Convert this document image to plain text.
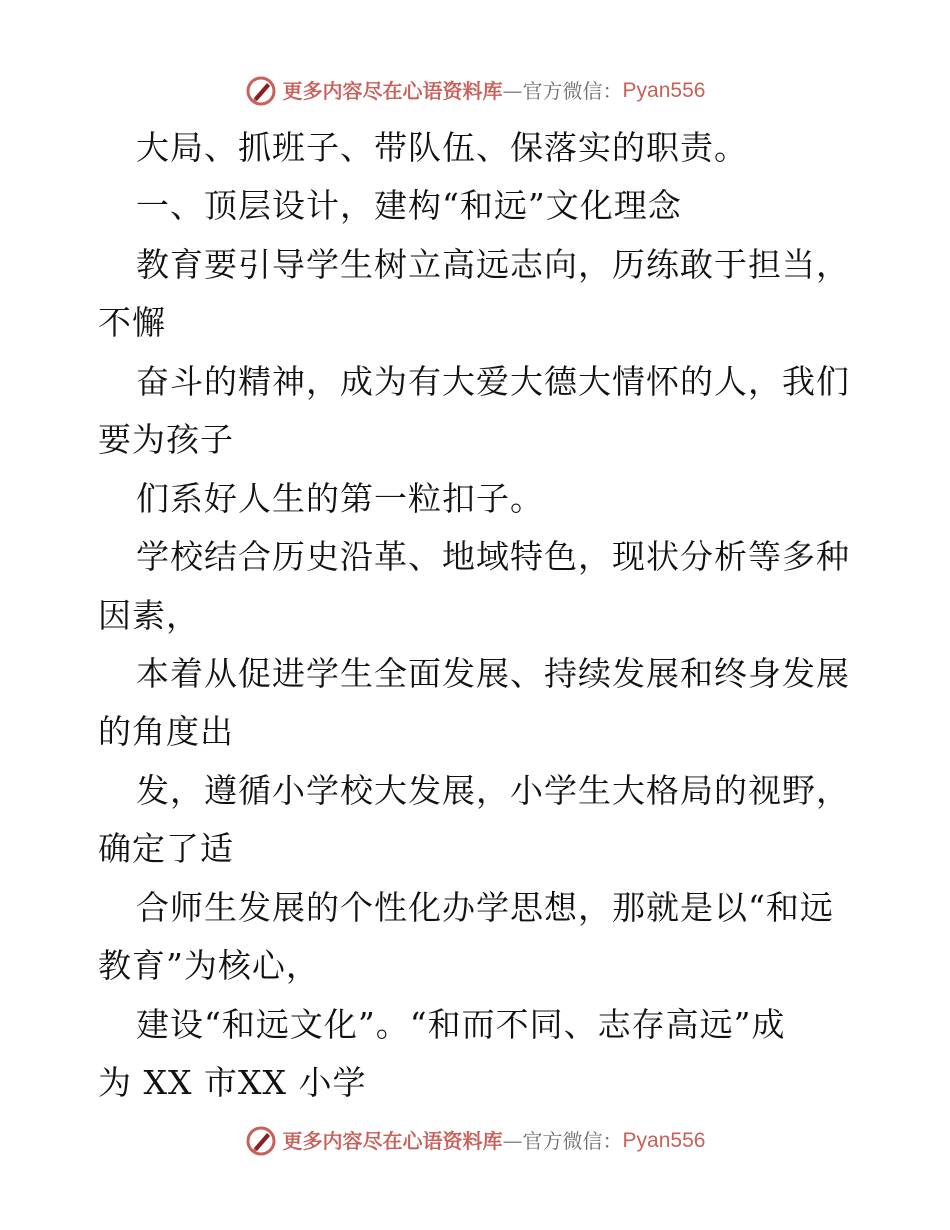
更多内容尽在心语资料库 — 官方微信： Pyan556
大局、抓班子、带队伍、保落实的职责。
一、顶层设计，建构“和远”文化理念
教育要引导学生树立高远志向，历练敢于担当，
不懈
奋斗的精神，成为有大爱大德大情怀的人，我们
要为孩子
们系好人生的第一粒扣子。
学校结合历史沿革、地域特色，现状分析等多种
因素，
本着从促进学生全面发展、持续发展和终身发展
的角度出
发，遵循小学校大发展，小学生大格局的视野，
确定了适
合师生发展的个性化办学思想，那就是以“和远
教育”为核心，
建设“和远文化”。“和而不同、志存高远”成
为 XX 市XX 小学
更多内容尽在心语资料库 — 官方微信： Pyan556
